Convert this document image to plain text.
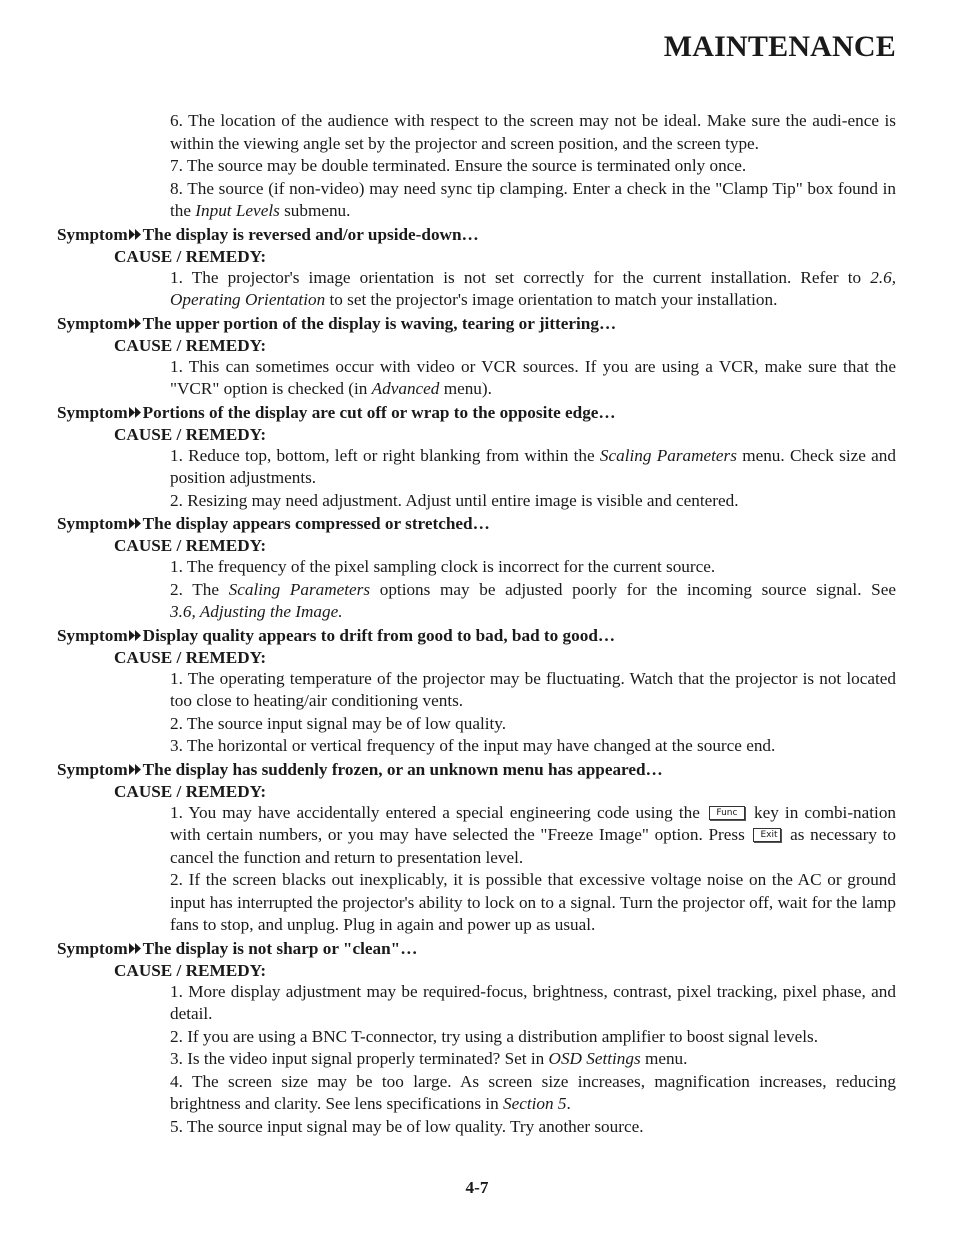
MAINTENANCE
6. The location of the audience with respect to the screen may not be ideal. Make sure the audi-ence is within the viewing angle set by the projector and screen position, and the screen type.
7. The source may be double terminated. Ensure the source is terminated only once.
8. The source (if non-video) may need sync tip clamping. Enter a check in the "Clamp Tip" box found in the Input Levels submenu.
Symptom The display is reversed and/or upside-down…
CAUSE / REMEDY:
1. The projector's image orientation is not set correctly for the current installation. Refer to 2.6, Operating Orientation to set the projector's image orientation to match your installation.
Symptom The upper portion of the display is waving, tearing or jittering…
CAUSE / REMEDY:
1. This can sometimes occur with video or VCR sources. If you are using a VCR, make sure that the "VCR" option is checked (in Advanced menu).
Symptom Portions of the display are cut off or wrap to the opposite edge…
CAUSE / REMEDY:
1. Reduce top, bottom, left or right blanking from within the Scaling Parameters menu. Check size and position adjustments.
2. Resizing may need adjustment. Adjust until entire image is visible and centered.
Symptom The display appears compressed or stretched…
CAUSE / REMEDY:
1. The frequency of the pixel sampling clock is incorrect for the current source.
2. The Scaling Parameters options may be adjusted poorly for the incoming source signal. See 3.6, Adjusting the Image.
Symptom Display quality appears to drift from good to bad, bad to good…
CAUSE / REMEDY:
1. The operating temperature of the projector may be fluctuating. Watch that the projector is not located too close to heating/air conditioning vents.
2. The source input signal may be of low quality.
3. The horizontal or vertical frequency of the input may have changed at the source end.
Symptom The display has suddenly frozen, or an unknown menu has appeared…
CAUSE / REMEDY:
1. You may have accidentally entered a special engineering code using the Func key in combi-nation with certain numbers, or you may have selected the "Freeze Image" option. Press Exit as necessary to cancel the function and return to presentation level.
2. If the screen blacks out inexplicably, it is possible that excessive voltage noise on the AC or ground input has interrupted the projector's ability to lock on to a signal. Turn the projector off, wait for the lamp fans to stop, and unplug. Plug in again and power up as usual.
Symptom The display is not sharp or "clean"…
CAUSE / REMEDY:
1. More display adjustment may be required-focus, brightness, contrast, pixel tracking, pixel phase, and detail.
2. If you are using a BNC T-connector, try using a distribution amplifier to boost signal levels.
3. Is the video input signal properly terminated? Set in OSD Settings menu.
4. The screen size may be too large. As screen size increases, magnification increases, reducing brightness and clarity. See lens specifications in Section 5.
5. The source input signal may be of low quality. Try another source.
4-7
